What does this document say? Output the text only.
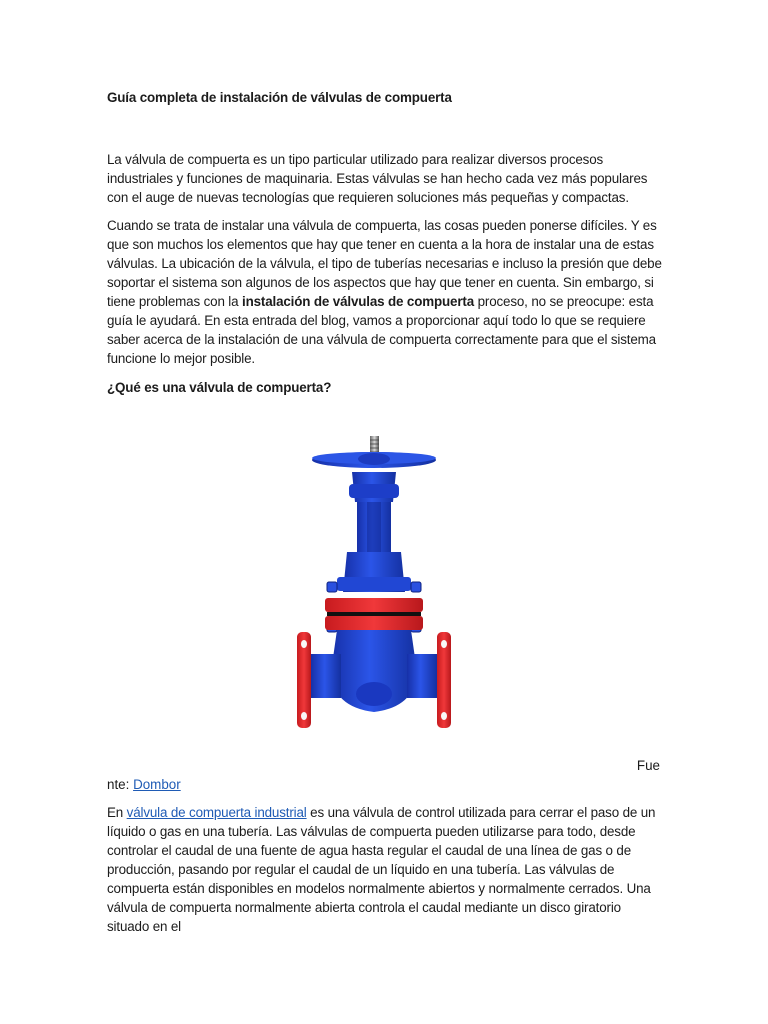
Guía completa de instalación de válvulas de compuerta

La válvula de compuerta es un tipo particular utilizado para realizar diversos procesos industriales y funciones de maquinaria. Estas válvulas se han hecho cada vez más populares con el auge de nuevas tecnologías que requieren soluciones más pequeñas y compactas.

Cuando se trata de instalar una válvula de compuerta, las cosas pueden ponerse difíciles. Y es que son muchos los elementos que hay que tener en cuenta a la hora de instalar una de estas válvulas. La ubicación de la válvula, el tipo de tuberías necesarias e incluso la presión que debe soportar el sistema son algunos de los aspectos que hay que tener en cuenta. Sin embargo, si tiene problemas con la instalación de válvulas de compuerta proceso, no se preocupe: esta guía le ayudará. En esta entrada del blog, vamos a proporcionar aquí todo lo que se requiere saber acerca de la instalación de una válvula de compuerta correctamente para que el sistema funcione lo mejor posible.

¿Qué es una válvula de compuerta?

Fue
nte: Dombor

En válvula de compuerta industrial es una válvula de control utilizada para cerrar el paso de un líquido o gas en una tubería. Las válvulas de compuerta pueden utilizarse para todo, desde controlar el caudal de una fuente de agua hasta regular el caudal de una línea de gas o de producción, pasando por regular el caudal de un líquido en una tubería. Las válvulas de compuerta están disponibles en modelos normalmente abiertos y normalmente cerrados. Una válvula de compuerta normalmente abierta controla el caudal mediante un disco giratorio situado en el
